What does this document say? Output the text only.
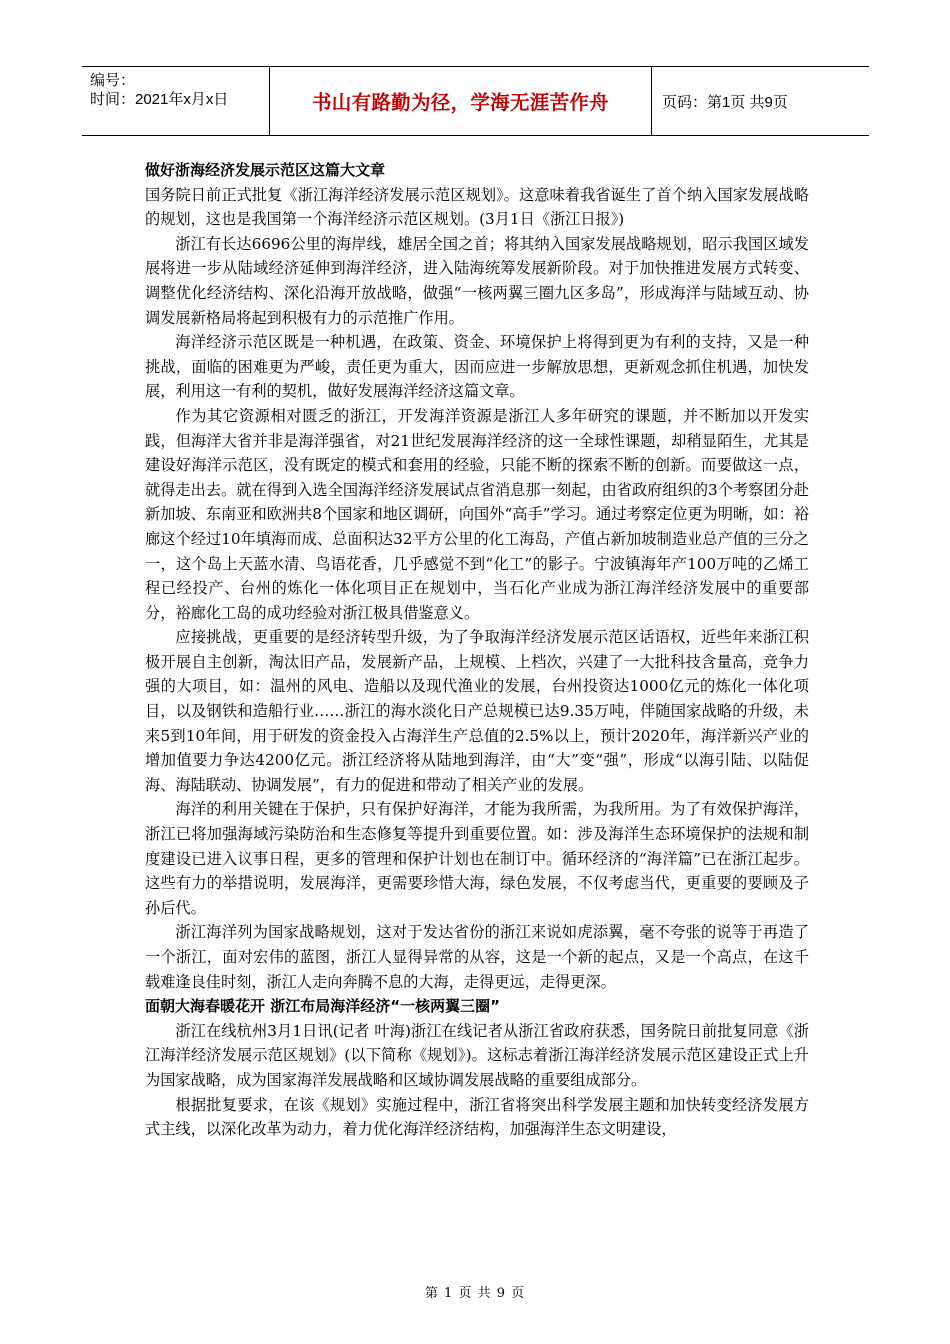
编号：
时间：2021年x月x日	书山有路勤为径，学海无涯苦作舟	页码：第1页 共9页
做好浙海经济发展示范区这篇大文章

国务院日前正式批复《浙江海洋经济发展示范区规划》。这意味着我省诞生了首个纳入国家发展战略的规划，这也是我国第一个海洋经济示范区规划。(3月1日《浙江日报》)

浙江有长达6696公里的海岸线，雄居全国之首；将其纳入国家发展战略规划，昭示我国区域发展将进一步从陆域经济延伸到海洋经济，进入陆海统筹发展新阶段。对于加快推进发展方式转变、调整优化经济结构、深化沿海开放战略，做强“一核两翼三圈九区多岛”，形成海洋与陆域互动、协调发展新格局将起到积极有力的示范推广作用。

海洋经济示范区既是一种机遇，在政策、资金、环境保护上将得到更为有利的支持，又是一种挑战，面临的困难更为严峻，责任更为重大，因而应进一步解放思想，更新观念抓住机遇，加快发展，利用这一有利的契机，做好发展海洋经济这篇文章。

作为其它资源相对匮乏的浙江，开发海洋资源是浙江人多年研究的课题，并不断加以开发实践，但海洋大省并非是海洋强省，对21世纪发展海洋经济的这一全球性课题，却稍显陌生，尤其是建设好海洋示范区，没有既定的模式和套用的经验，只能不断的探索不断的创新。而要做这一点，就得走出去。就在得到入选全国海洋经济发展试点省消息那一刻起，由省政府组织的3个考察团分赴新加坡、东南亚和欧洲共8个国家和地区调研，向国外“高手”学习。通过考察定位更为明晰，如：裕廊这个经过10年填海而成、总面积达32平方公里的化工海岛，产值占新加坡制造业总产值的三分之一，这个岛上天蓝水清、鸟语花香，几乎感觉不到“化工”的影子。宁波镇海年产100万吨的乙烯工程已经投产、台州的炼化一体化项目正在规划中，当石化产业成为浙江海洋经济发展中的重要部分，裕廊化工岛的成功经验对浙江极具借鉴意义。

应接挑战，更重要的是经济转型升级，为了争取海洋经济发展示范区话语权，近些年来浙江积极开展自主创新，淘汰旧产品，发展新产品，上规模、上档次，兴建了一大批科技含量高，竞争力强的大项目，如：温州的风电、造船以及现代渔业的发展，台州投资达1000亿元的炼化一体化项目，以及钢铁和造船行业……浙江的海水淡化日产总规模已达9.35万吨，伴随国家战略的升级，未来5到10年间，用于研发的资金投入占海洋生产总值的2.5%以上，预计2020年，海洋新兴产业的增加值要力争达4200亿元。浙江经济将从陆地到海洋，由“大”变“强”，形成“以海引陆、以陆促海、海陆联动、协调发展”，有力的促进和带动了相关产业的发展。

海洋的利用关键在于保护，只有保护好海洋，才能为我所需，为我所用。为了有效保护海洋，浙江已将加强海域污染防治和生态修复等提升到重要位置。如：涉及海洋生态环境保护的法规和制度建设已进入议事日程，更多的管理和保护计划也在制订中。循环经济的“海洋篇”已在浙江起步。这些有力的举措说明，发展海洋，更需要珍惜大海，绿色发展，不仅考虑当代，更重要的要顾及子孙后代。

浙江海洋列为国家战略规划，这对于发达省份的浙江来说如虎添翼，毫不夸张的说等于再造了一个浙江，面对宏伟的蓝图，浙江人显得异常的从容，这是一个新的起点，又是一个高点，在这千载难逢良佳时刻，浙江人走向奔腾不息的大海，走得更远，走得更深。

面朝大海春暖花开 浙江布局海洋经济“一核两翼三圈”

浙江在线杭州3月1日讯(记者 叶海)浙江在线记者从浙江省政府获悉，国务院日前批复同意《浙江海洋经济发展示范区规划》(以下简称《规划》)。这标志着浙江海洋经济发展示范区建设正式上升为国家战略，成为国家海洋发展战略和区域协调发展战略的重要组成部分。

根据批复要求，在该《规划》实施过程中，浙江省将突出科学发展主题和加快转变经济发展方式主线，以深化改革为动力，着力优化海洋经济结构，加强海洋生态文明建设，

第 1 页 共 9 页
